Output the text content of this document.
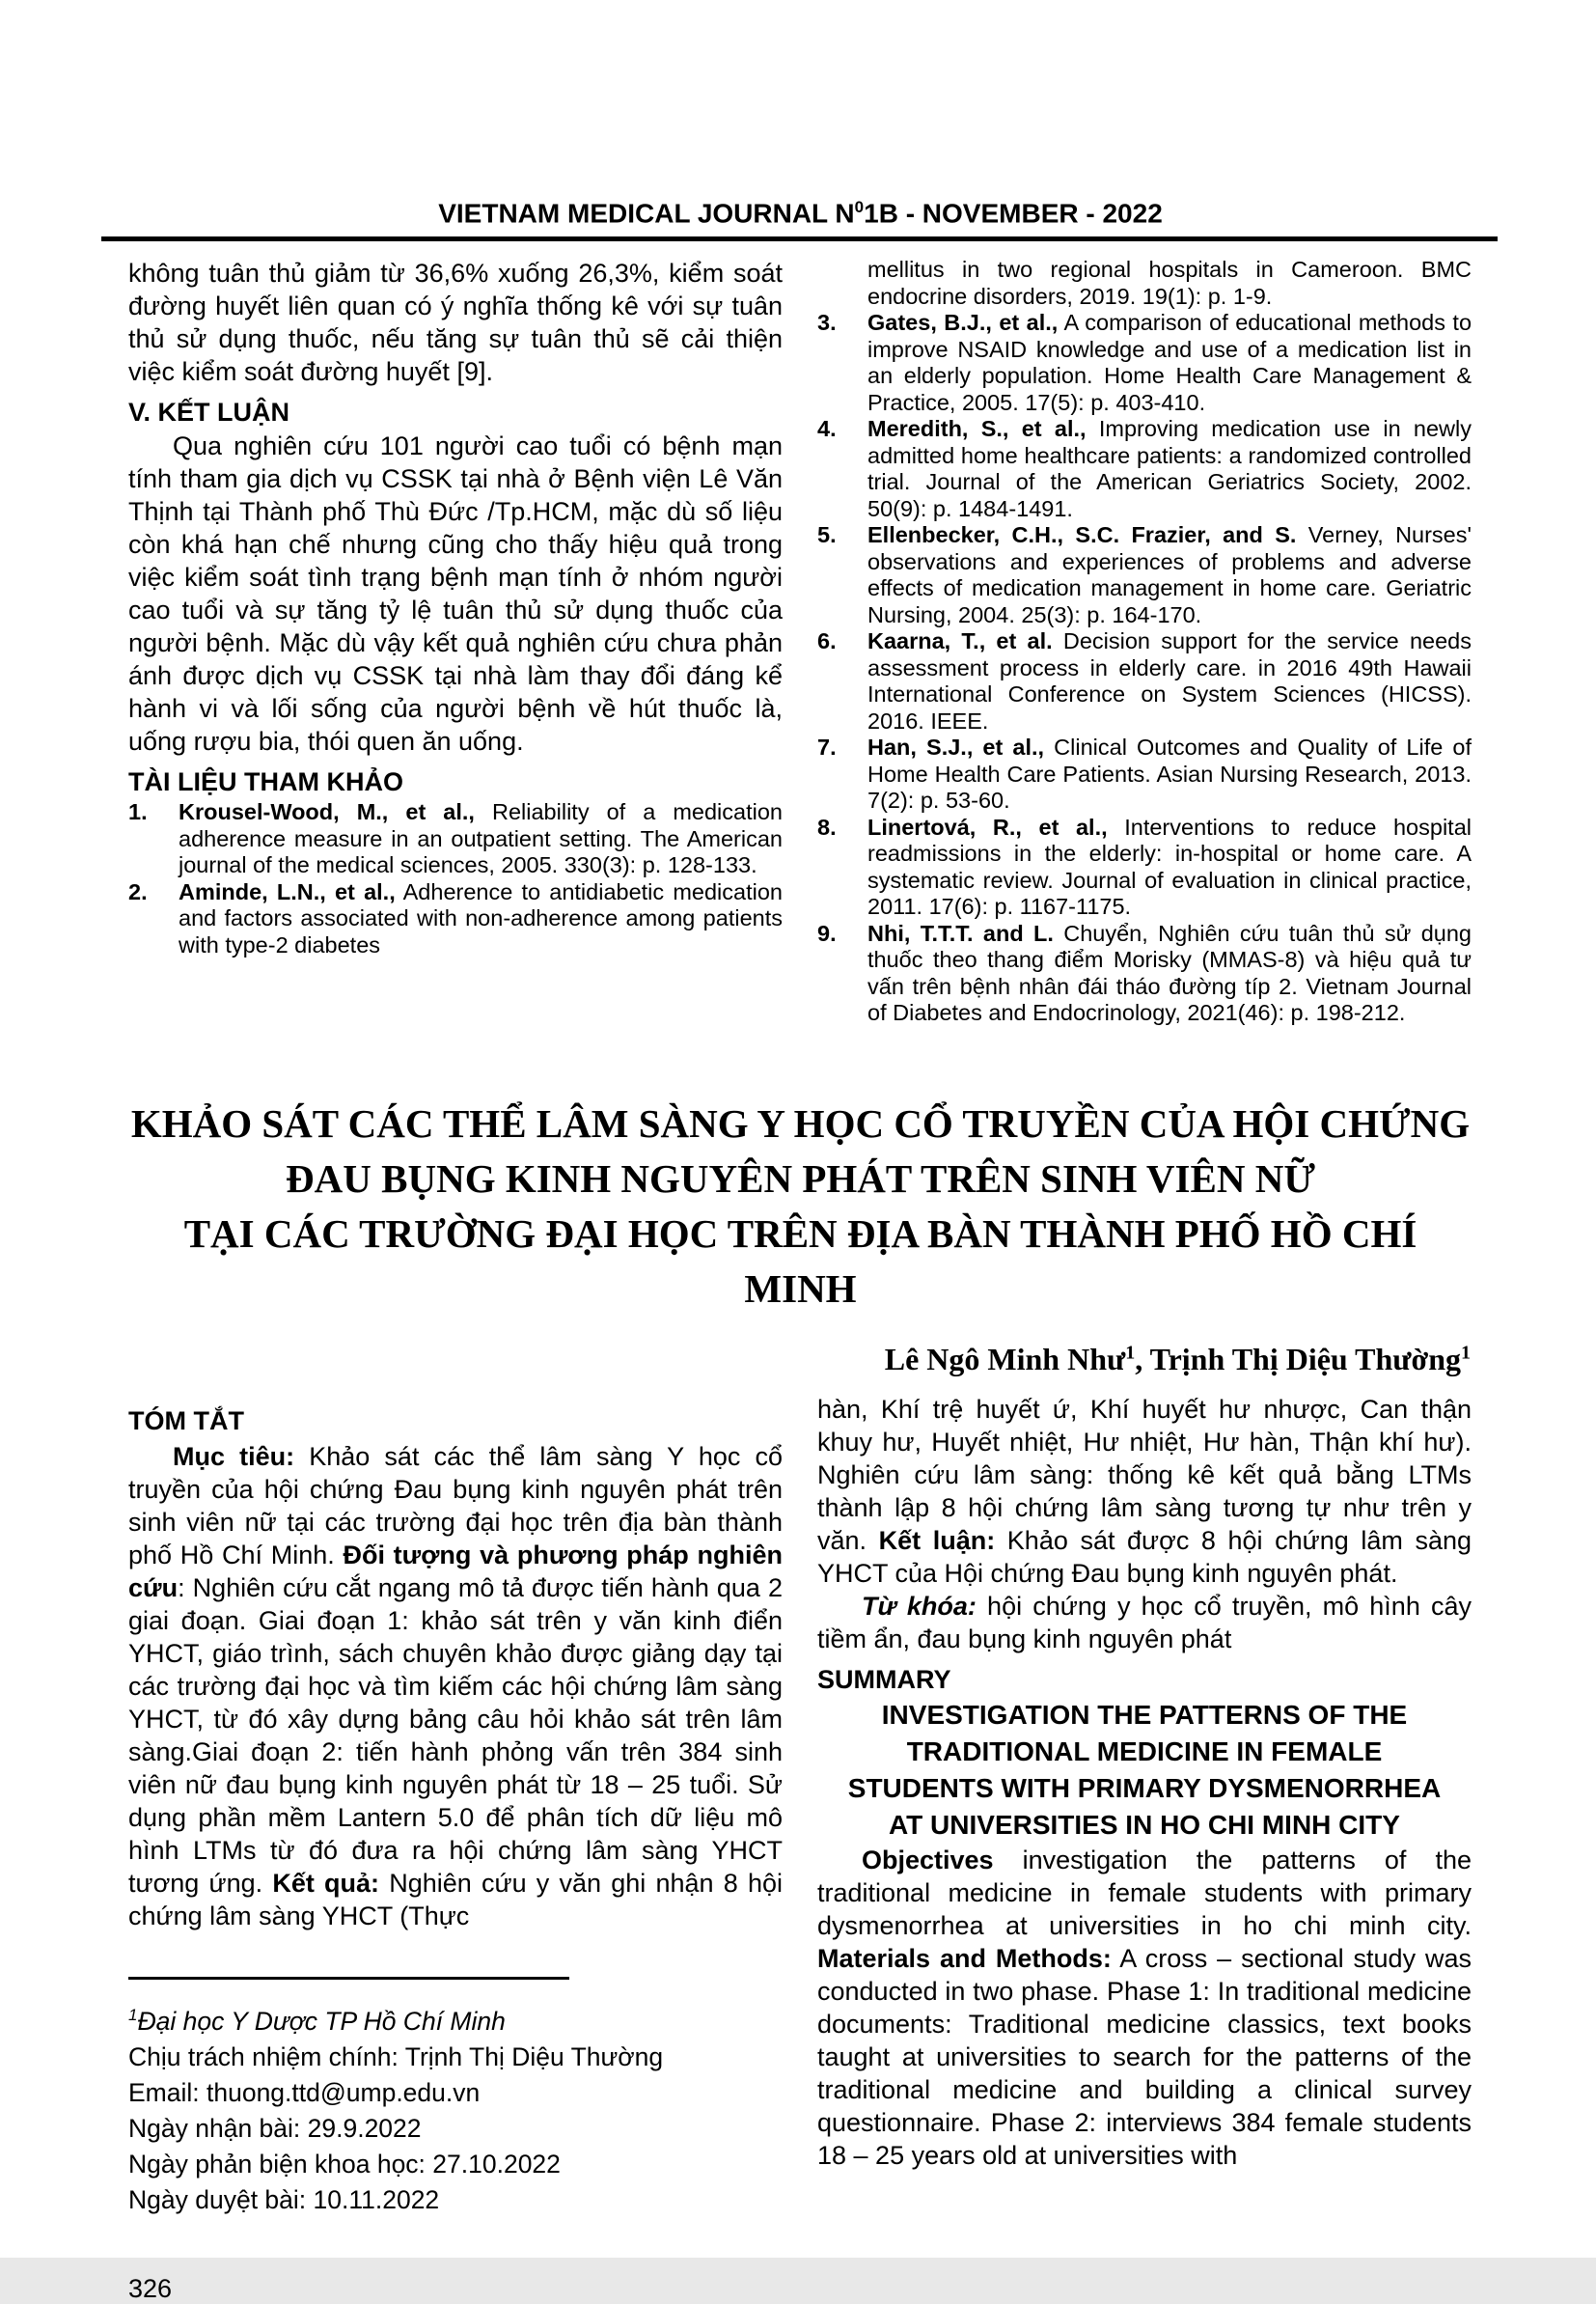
VIETNAM MEDICAL JOURNAL $N^01B$ - NOVEMBER - 2022
không tuân thủ giảm từ 36,6% xuống 26,3%, kiểm soát đường huyết liên quan có ý nghĩa thống kê với sự tuân thủ sử dụng thuốc, nếu tăng sự tuân thủ sẽ cải thiện việc kiểm soát đường huyết [9].
V. KẾT LUẬN
Qua nghiên cứu 101 người cao tuổi có bệnh mạn tính tham gia dịch vụ CSSK tại nhà ở Bệnh viện Lê Văn Thịnh tại Thành phố Thù Đức /Tp.HCM, mặc dù số liệu còn khá hạn chế nhưng cũng cho thấy hiệu quả trong việc kiểm soát tình trạng bệnh mạn tính ở nhóm người cao tuổi và sự tăng tỷ lệ tuân thủ sử dụng thuốc của người bệnh. Mặc dù vậy kết quả nghiên cứu chưa phản ánh được dịch vụ CSSK tại nhà làm thay đổi đáng kể hành vi và lối sống của người bệnh về hút thuốc là, uống rượu bia, thói quen ăn uống.
TÀI LIỆU THAM KHẢO
1.	Krousel-Wood, M., et al., Reliability of a medication adherence measure in an outpatient setting. The American journal of the medical sciences, 2005. 330(3): p. 128-133.
2.	Aminde, L.N., et al., Adherence to antidiabetic medication and factors associated with non-adherence among patients with type-2 diabetes
mellitus in two regional hospitals in Cameroon. BMC endocrine disorders, 2019. 19(1): p. 1-9.
3.	Gates, B.J., et al., A comparison of educational methods to improve NSAID knowledge and use of a medication list in an elderly population. Home Health Care Management & Practice, 2005. 17(5): p. 403-410.
4.	Meredith, S., et al., Improving medication use in newly admitted home healthcare patients: a randomized controlled trial. Journal of the American Geriatrics Society, 2002. 50(9): p. 1484-1491.
5.	Ellenbecker, C.H., S.C. Frazier, and S. Verney, Nurses' observations and experiences of problems and adverse effects of medication management in home care. Geriatric Nursing, 2004. 25(3): p. 164-170.
6.	Kaarna, T., et al. Decision support for the service needs assessment process in elderly care. in 2016 49th Hawaii International Conference on System Sciences (HICSS). 2016. IEEE.
7.	Han, S.J., et al., Clinical Outcomes and Quality of Life of Home Health Care Patients. Asian Nursing Research, 2013. 7(2): p. 53-60.
8.	Linertová, R., et al., Interventions to reduce hospital readmissions in the elderly: in-hospital or home care. A systematic review. Journal of evaluation in clinical practice, 2011. 17(6): p. 1167-1175.
9.	Nhi, T.T.T. and L. Chuyển, Nghiên cứu tuân thủ sử dụng thuốc theo thang điểm Morisky (MMAS-8) và hiệu quả tư vấn trên bệnh nhân đái tháo đường típ 2. Vietnam Journal of Diabetes and Endocrinology, 2021(46): p. 198-212.
KHẢO SÁT CÁC THỂ LÂM SÀNG Y HỌC CỔ TRUYỀN CỦA HỘI CHỨNG
ĐAU BỤNG KINH NGUYÊN PHÁT TRÊN SINH VIÊN NỮ
TẠI CÁC TRƯỜNG ĐẠI HỌC TRÊN ĐỊA BÀN THÀNH PHỐ HỒ CHÍ MINH
Lê Ngô Minh Như$^1$, Trịnh Thị Diệu Thường$^1$
TÓM TẮT
Mục tiêu: Khảo sát các thể lâm sàng Y học cổ truyền của hội chứng Đau bụng kinh nguyên phát trên sinh viên nữ tại các trường đại học trên địa bàn thành phố Hồ Chí Minh. Đối tượng và phương pháp nghiên cứu: Nghiên cứu cắt ngang mô tả được tiến hành qua 2 giai đoạn. Giai đoạn 1: khảo sát trên y văn kinh điển YHCT, giáo trình, sách chuyên khảo được giảng dạy tại các trường đại học và tìm kiếm các hội chứng lâm sàng YHCT, từ đó xây dựng bảng câu hỏi khảo sát trên lâm sàng.Giai đoạn 2: tiến hành phỏng vấn trên 384 sinh viên nữ đau bụng kinh nguyên phát từ 18 – 25 tuổi. Sử dụng phần mềm Lantern 5.0 để phân tích dữ liệu mô hình LTMs từ đó đưa ra hội chứng lâm sàng YHCT tương ứng. Kết quả: Nghiên cứu y văn ghi nhận 8 hội chứng lâm sàng YHCT (Thực
$^1$Đại học Y Dược TP Hồ Chí Minh
Chịu trách nhiệm chính: Trịnh Thị Diệu Thường
Email: thuong.ttd@ump.edu.vn
Ngày nhận bài: 29.9.2022
Ngày phản biện khoa học: 27.10.2022
Ngày duyệt bài: 10.11.2022
hàn, Khí trệ huyết ứ, Khí huyết hư nhược, Can thận khuy hư, Huyết nhiệt, Hư nhiệt, Hư hàn, Thận khí hư). Nghiên cứu lâm sàng: thống kê kết quả bằng LTMs thành lập 8 hội chứng lâm sàng tương tự như trên y văn. Kết luận: Khảo sát được 8 hội chứng lâm sàng YHCT của Hội chứng Đau bụng kinh nguyên phát.
Từ khóa: hội chứng y học cổ truyền, mô hình cây tiềm ẩn, đau bụng kinh nguyên phát
SUMMARY
INVESTIGATION THE PATTERNS OF THE
TRADITIONAL MEDICINE IN FEMALE
STUDENTS WITH PRIMARY DYSMENORRHEA
AT UNIVERSITIES IN HO CHI MINH CITY
Objectives investigation the patterns of the traditional medicine in female students with primary dysmenorrhea at universities in ho chi minh city. Materials and Methods: A cross – sectional study was conducted in two phase. Phase 1: In traditional medicine documents: Traditional medicine classics, text books taught at universities to search for the patterns of the traditional medicine and building a clinical survey questionnaire. Phase 2: interviews 384 female students 18 – 25 years old at universities with
326
